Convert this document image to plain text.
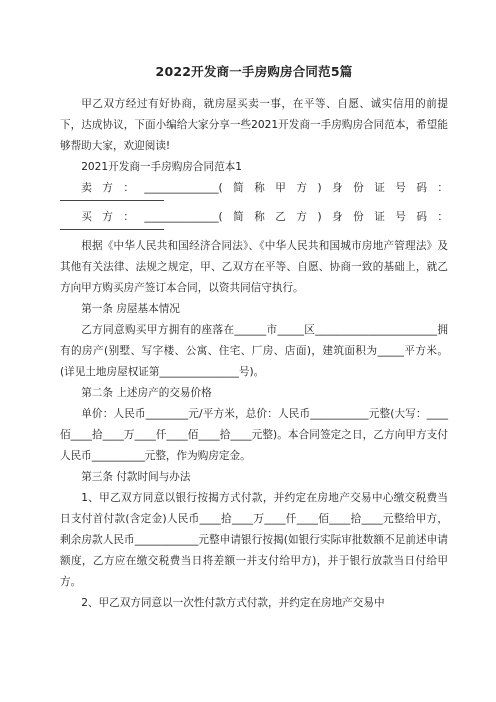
2022开发商一手房购房合同范5篇

甲乙双方经过有好协商，就房屋买卖一事，在平等、自愿、诚实信用的前提下，达成协议，下面小编给大家分享一些2021开发商一手房购房合同范本，希望能够帮助大家，欢迎阅读!

2021开发商一手房购房合同范本1

卖方：______________(简称甲方)身份证号码：

买方：______________(简称乙方)身份证号码：

根据《中华人民共和国经济合同法》、《中华人民共和国城市房地产管理法》及其他有关法律、法规之规定，甲、乙双方在平等、自愿、协商一致的基础上，就乙方向甲方购买房产签订本合同，以资共同信守执行。

第一条 房屋基本情况

乙方同意购买甲方拥有的座落在______市_____区_______________________拥有的房产(别墅、写字楼、公寓、住宅、厂房、店面)，建筑面积为_____平方米。(详见土地房屋权证第_______________号)。

第二条 上述房产的交易价格

单价：人民币________元/平方米，总价：人民币___________元整(大写：____佰____拾____万____仟____佰____拾____元整)。本合同签定之日，乙方向甲方支付人民币__________元整，作为购房定金。

第三条 付款时间与办法

1、甲乙双方同意以银行按揭方式付款，并约定在房地产交易中心缴交税费当日支付首付款(含定金)人民币____拾____万____仟____佰____拾____元整给甲方，剩余房款人民币____________元整申请银行按揭(如银行实际审批数额不足前述申请额度，乙方应在缴交税费当日将差额一并支付给甲方)，并于银行放款当日付给甲方。

2、甲乙双方同意以一次性付款方式付款，并约定在房地产交易中
